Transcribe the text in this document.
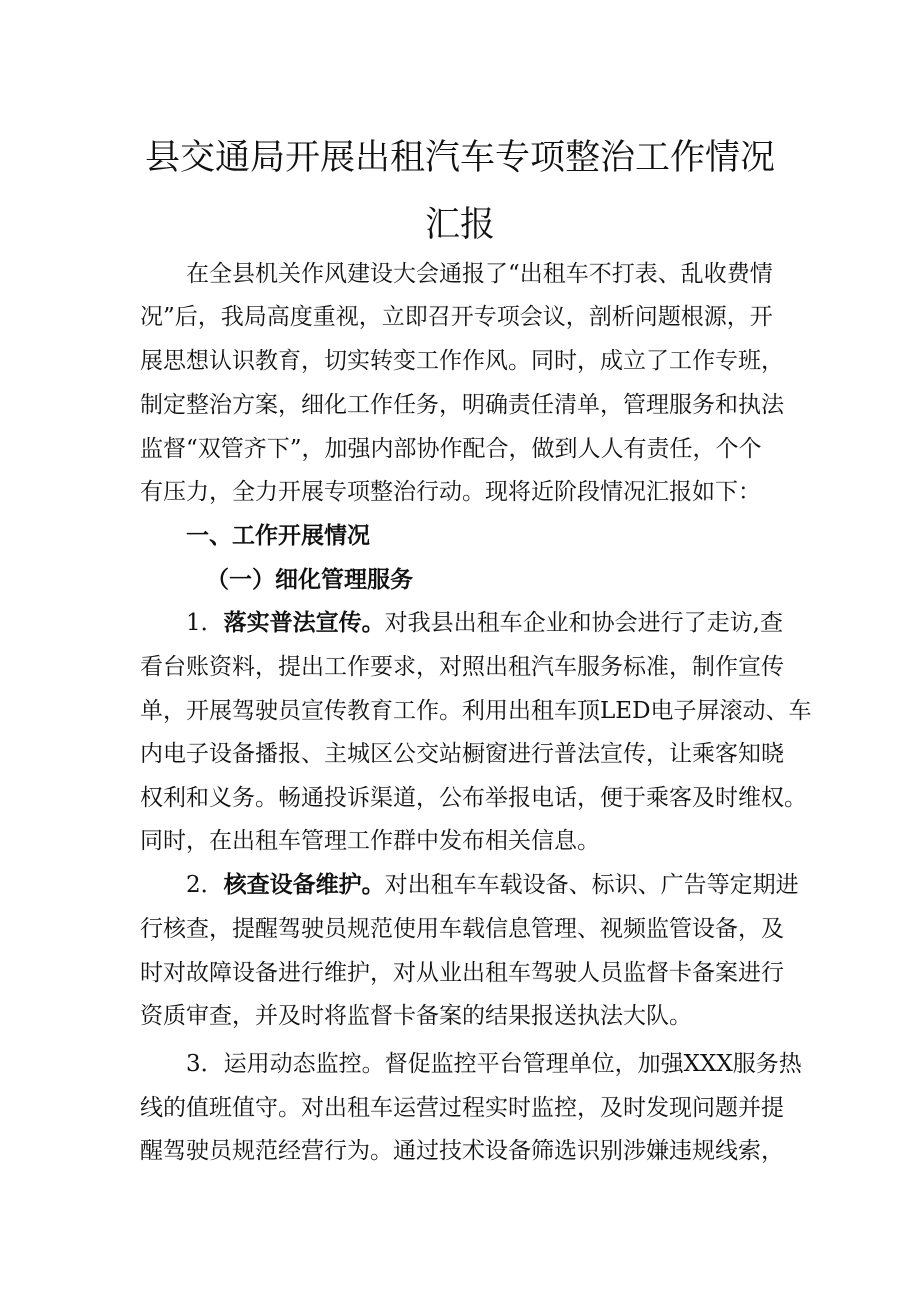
县交通局开展出租汽车专项整治工作情况
汇报
在全县机关作风建设大会通报了“出租车不打表、乱收费情
况”后，我局高度重视，立即召开专项会议，剖析问题根源，开
展思想认识教育，切实转变工作作风。同时，成立了工作专班，
制定整治方案，细化工作任务，明确责任清单，管理服务和执法
监督“双管齐下”，加强内部协作配合，做到人人有责任，个个
有压力，全力开展专项整治行动。现将近阶段情况汇报如下：
一、工作开展情况
（一）细化管理服务
1．落实普法宣传。对我县出租车企业和协会进行了走访,查
看台账资料，提出工作要求，对照出租汽车服务标准，制作宣传
单，开展驾驶员宣传教育工作。利用出租车顶LED电子屏滚动、车
内电子设备播报、主城区公交站橱窗进行普法宣传，让乘客知晓
权利和义务。畅通投诉渠道，公布举报电话，便于乘客及时维权。
同时，在出租车管理工作群中发布相关信息。
2．核查设备维护。对出租车车载设备、标识、广告等定期进
行核查，提醒驾驶员规范使用车载信息管理、视频监管设备，及
时对故障设备进行维护，对从业出租车驾驶人员监督卡备案进行
资质审查，并及时将监督卡备案的结果报送执法大队。
3．运用动态监控。督促监控平台管理单位，加强XXX服务热
线的值班值守。对出租车运营过程实时监控，及时发现问题并提
醒驾驶员规范经营行为。通过技术设备筛选识别涉嫌违规线索，
